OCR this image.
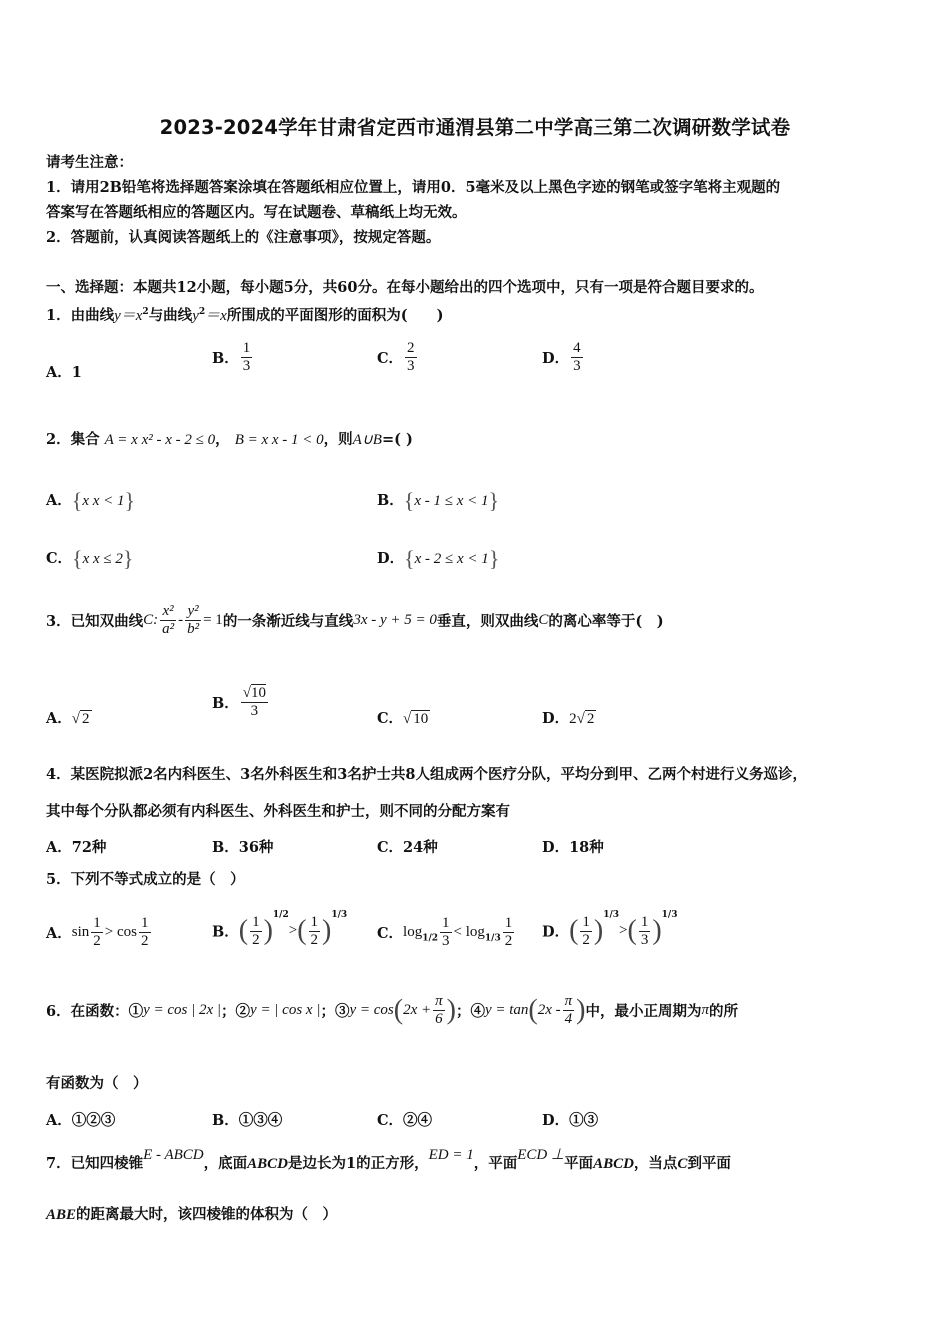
2023-2024学年甘肃省定西市通渭县第二中学高三第二次调研数学试卷
请考生注意：
1．请用2B铅笔将选择题答案涂填在答题纸相应位置上，请用0．5毫米及以上黑色字迹的钢笔或签字笔将主观题的
答案写在答题纸相应的答题区内。写在试题卷、草稿纸上均无效。
2．答题前，认真阅读答题纸上的《注意事项》，按规定答题。
一、选择题：本题共12小题，每小题5分，共60分。在每小题给出的四个选项中，只有一项是符合题目要求的。
1．由曲线$y=x^2$与曲线$y^2=x$所围成的平面图形的面积为(　　)
A．1
B． $\frac{1}{3}$	C． $\frac{2}{3}$	D． $\frac{4}{3}$
2．集合 A = x x² - x - 2 ≤ 0， B = x x - 1 < 0，则A∪B=( )
A．{x x < 1}	B．{x - 1 ≤ x < 1}
C．{x x ≤ 2}	D．{x - 2 ≤ x < 1}
3．已知双曲线C: $\frac{\text{x²}}{\text{a²}} - \frac{\text{y²}}{\text{b²}} = 1$的一条渐近线与直线3x - y + 5 = 0垂直，则双曲线C的离心率等于(　)
A．√ 2
B． $\frac{√10}{3}$	C．√ 10	D．2√ 2
4．某医院拟派2名内科医生、3名外科医生和3名护士共8人组成两个医疗分队，平均分到甲、乙两个村进行义务巡诊，
其中每个分队都必须有内科医生、外科医生和护士，则不同的分配方案有
A．72种	B．36种	C．24种	D．18种
5．下列不等式成立的是（　）
A．$\sin \frac{1}{2} > \cos \frac{1}{2}$	B．( $\frac{1}{2} )^{1/2}>( \frac{1}{2} )^{1/3}$
C．$\log_{1/2} \frac{1}{3} < \log_{1/3} \frac{1}{2}$ D．( $\frac{1}{2} )^{1/3}>( \frac{1}{3} )^{1/3}$
6．在函数：①y = cos | 2x |；②y = | cos x |；③y = $\cos(2x + \frac{\pi}{6}$ )；④y = $\tan(2x - \frac{\pi}{4}$ )中，最小正周期为π的所
有函数为（　）
A．①②③	B．①③④	C．②④	D．①③
7．已知四棱锥E - ABCD，底面ABCD是边长为1的正方形，ED = 1，平面ECD ⊥平面ABCD，当点C到平面
ABE的距离最大时，该四棱锥的体积为（　）
